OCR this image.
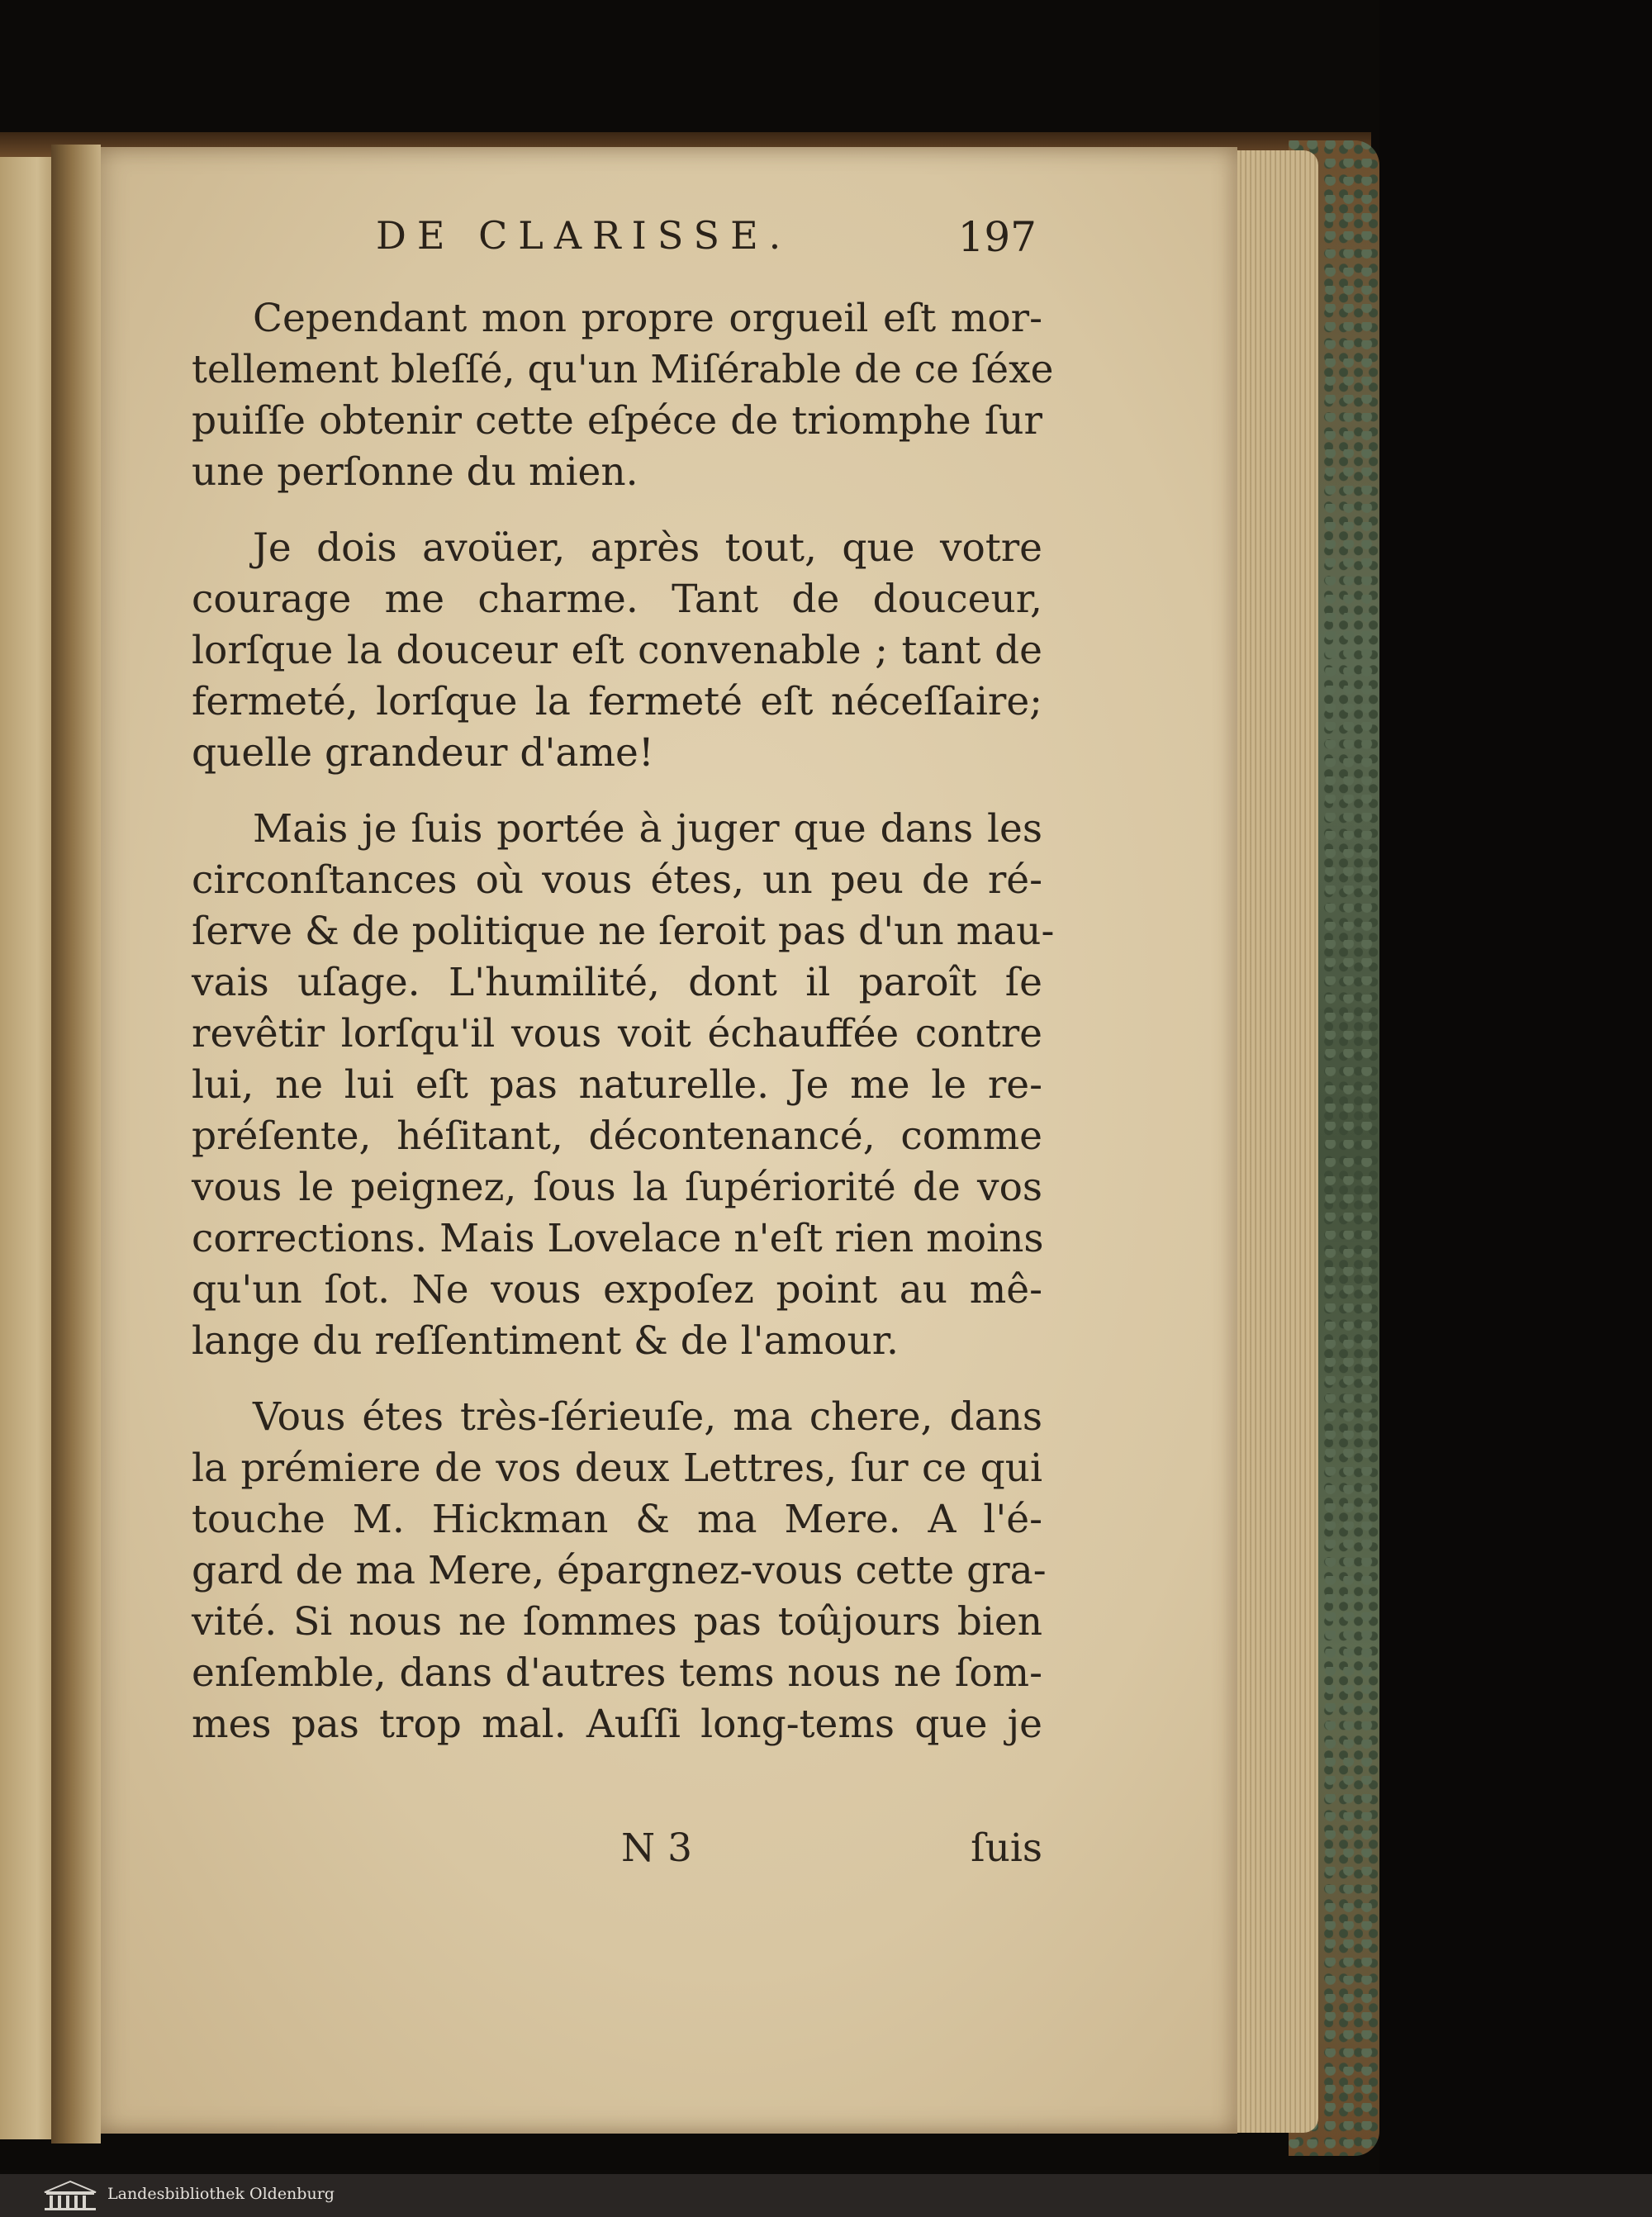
DE CLARISSE.	197
Cependant mon propre orgueil eſt mor-
tellement bleſſé, qu'un Miſérable de ce ſéxe
puiſſe obtenir cette eſpéce de triomphe ſur
une perſonne du mien.
Je dois avoüer, après tout, que votre
courage me charme. Tant de douceur,
lorſque la douceur eſt convenable ; tant de
fermeté, lorſque la fermeté eſt néceſſaire;
quelle grandeur d'ame!
Mais je ſuis portée à juger que dans les
circonſtances où vous étes, un peu de ré-
ſerve & de politique ne ſeroit pas d'un mau-
vais uſage. L'humilité, dont il paroît ſe
revêtir lorſqu'il vous voit échauffée contre
lui, ne lui eſt pas naturelle. Je me le re-
préſente, héſitant, décontenancé, comme
vous le peignez, ſous la ſupériorité de vos
corrections. Mais Lovelace n'eſt rien moins
qu'un ſot. Ne vous expoſez point au mê-
lange du reſſentiment & de l'amour.
Vous étes très-ſérieuſe, ma chere, dans
la prémiere de vos deux Lettres, ſur ce qui
touche M. Hickman & ma Mere. A l'é-
gard de ma Mere, épargnez-vous cette gra-
vité. Si nous ne ſommes pas toûjours bien
enſemble, dans d'autres tems nous ne ſom-
mes pas trop mal. Auſſi long-tems que je
N 3	ſuis
Landesbibliothek Oldenburg
